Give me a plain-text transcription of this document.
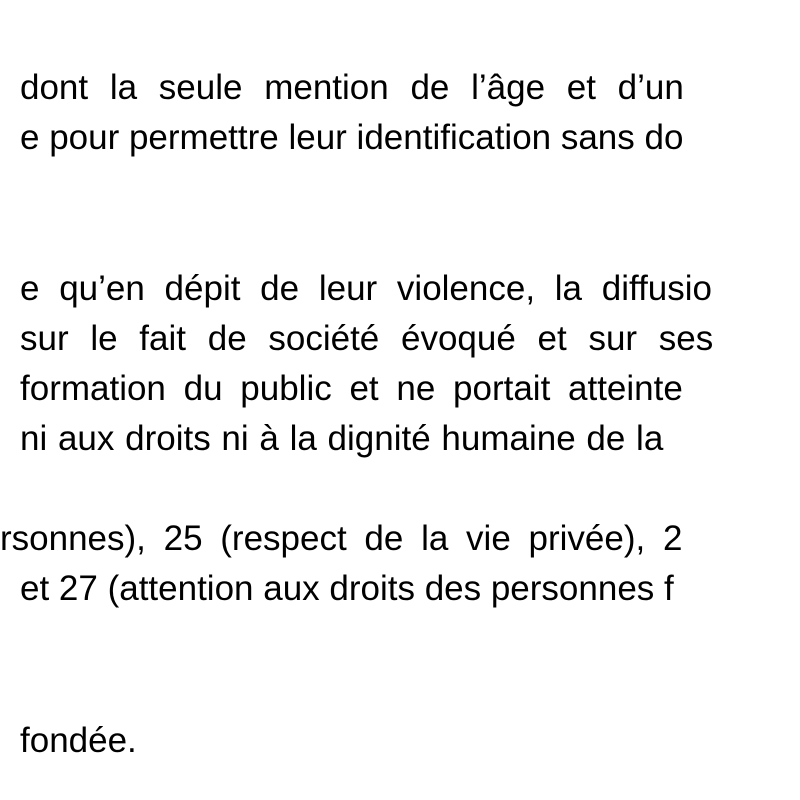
dont la seule mention de l’âge et d’un
e pour permettre leur identification sans do
e qu’en dépit de leur violence, la diffusio
sur le fait de société évoqué et sur ses
formation du public et ne portait atteinte
ni aux droits ni à la dignité humaine de la
rsonnes), 25 (respect de la vie privée), 2
et 27 (attention aux droits des personnes f
fondée.
